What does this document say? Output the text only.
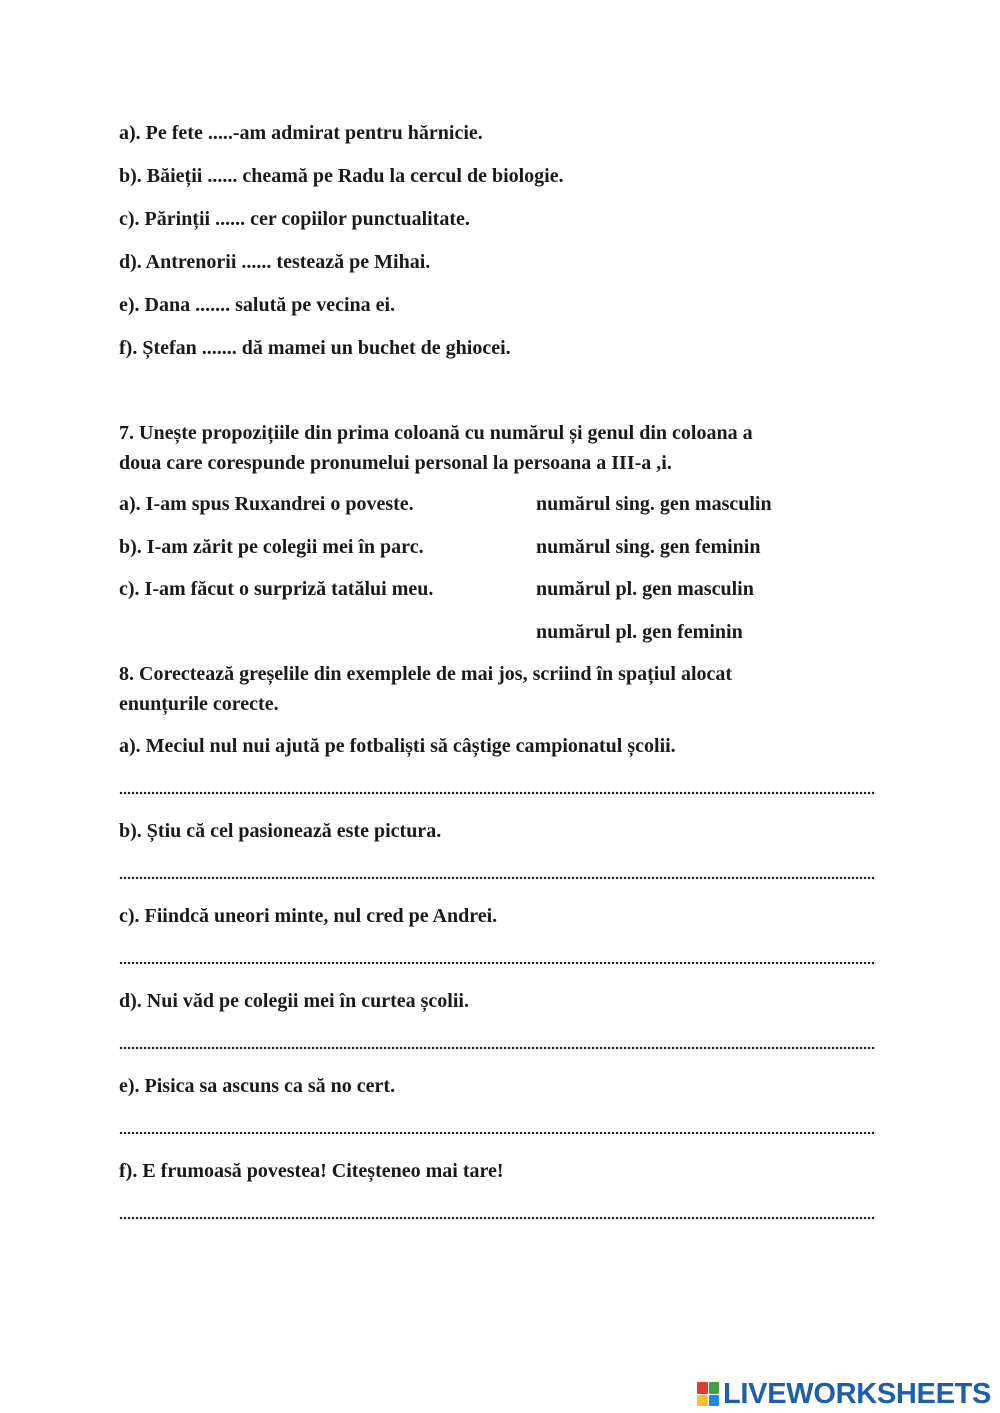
a). Pe fete .....-am admirat pentru hărnicie.
b). Băieții ...... cheamă pe Radu la cercul de biologie.
c). Părinții ...... cer copiilor punctualitate.
d). Antrenorii ...... testează pe Mihai.
e). Dana ....... salută pe vecina ei.
f). Ștefan ....... dă mamei un buchet de ghiocei.
7. Unește propozițiile din prima coloană cu numărul și genul din coloana a
doua care corespunde pronumelui personal la persoana a III-a ,i.
a). I-am spus Ruxandrei o poveste.	numărul sing. gen masculin
b). I-am zărit pe colegii mei în parc.	numărul sing. gen feminin
c). I-am făcut o surpriză tatălui meu.	numărul pl. gen masculin
numărul pl. gen feminin
8. Corectează greșelile din exemplele de mai jos, scriind în spațiul alocat
enunțurile corecte.
a). Meciul nul nui ajută pe fotbaliști să câștige campionatul școlii.
b). Știu că cel pasionează este pictura.
c). Fiindcă uneori minte, nul cred pe Andrei.
d). Nui văd pe colegii mei în curtea școlii.
e). Pisica sa ascuns ca să no cert.
f). E frumoasă povestea! Citeșteneo mai tare!
LIVEWORKSHEETS
